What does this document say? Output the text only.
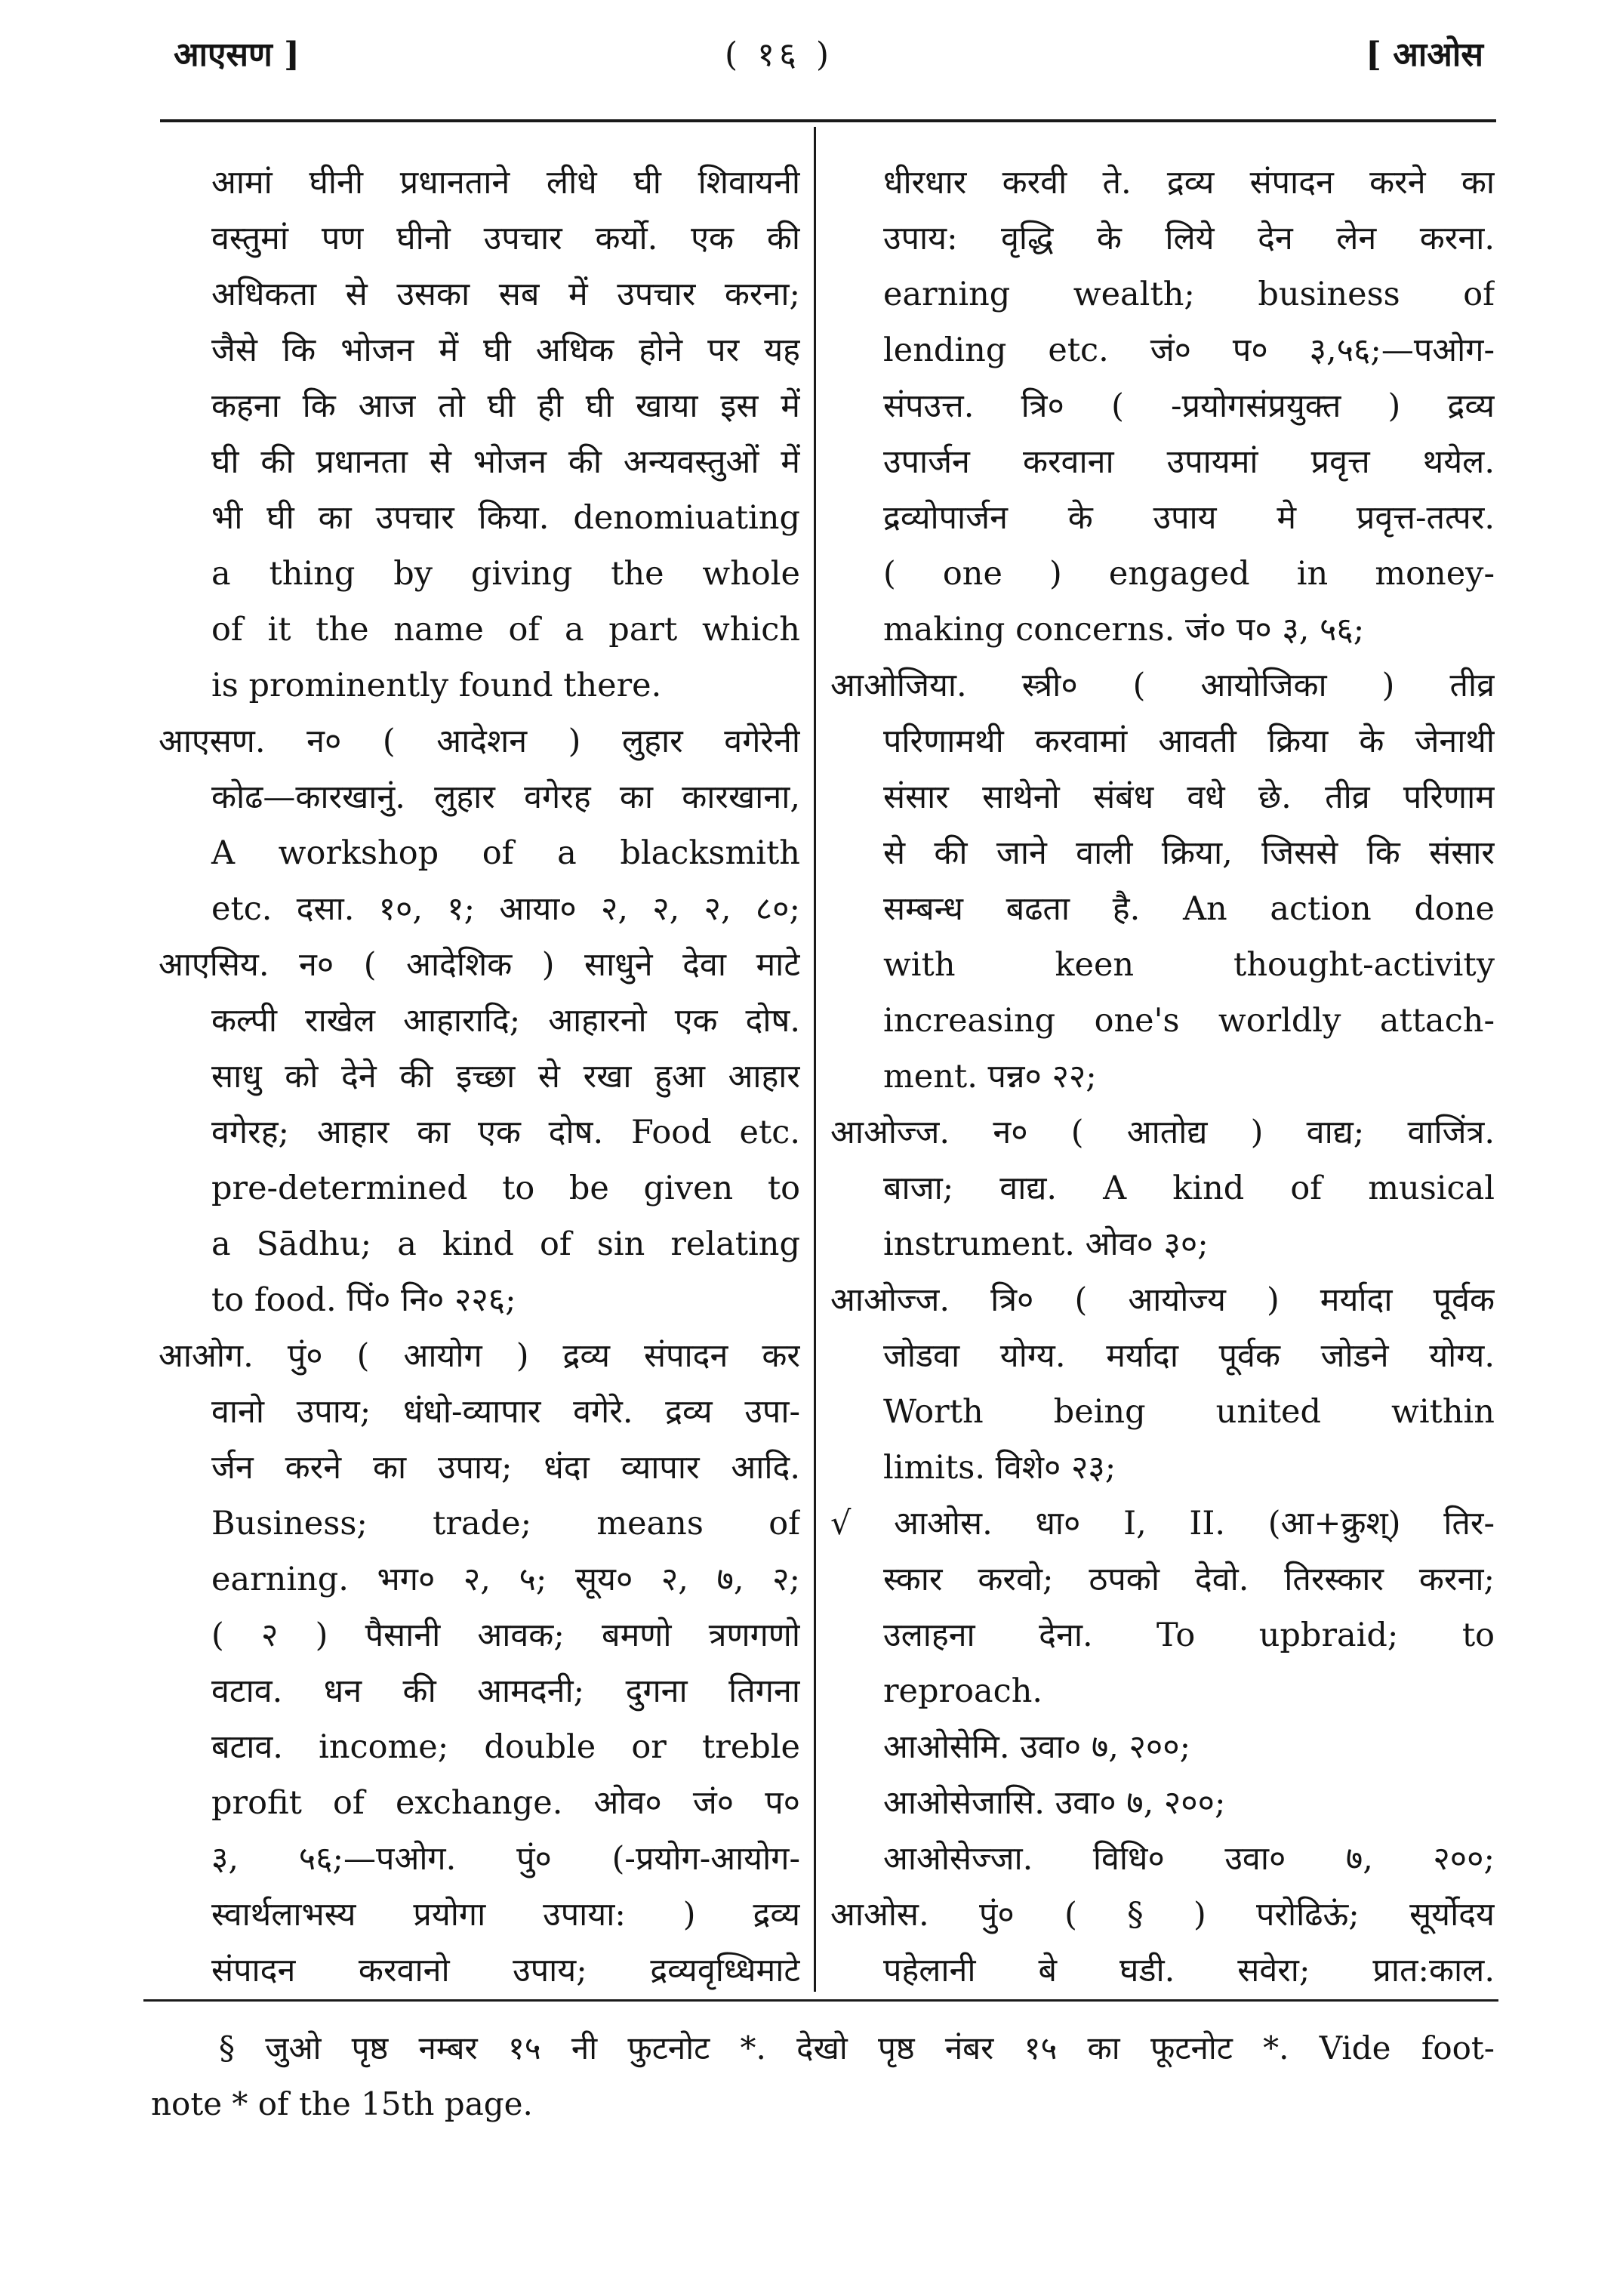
आएसण ]	( १६ )	[ आओस
आमां घीनी प्रधानताने लीधे घी शिवायनी
वस्तुमां पण घीनो उपचार कर्यो. एक की
अधिकता से उसका सब में उपचार करना;
जैसे कि भोजन में घी अधिक होने पर यह
कहना कि आज तो घी ही घी खाया इस में
घी की प्रधानता से भोजन की अन्यवस्तुओं में
भी घी का उपचार किया. denomiuating
a thing by giving the whole
of it the name of a part which
is prominently found there.
आएसण. न० ( आदेशन ) लुहार वगेरेनी
कोढ—कारखानुं. लुहार वगेरह का कारखाना,
A workshop of a blacksmith
etc. दसा. १०, १; आया० २, २, २, ८०;
आएसिय. न० ( आदेशिक ) साधुने देवा माटे
कल्पी राखेल आहारादि; आहारनो एक दोष.
साधु को देने की इच्छा से रखा हुआ आहार
वगेरह; आहार का एक दोष. Food etc.
pre-determined to be given to
a Sādhu; a kind of sin relating
to food. पिं० नि० २२६;
आओग. पुं० ( आयोग ) द्रव्य संपादन कर
वानो उपाय; धंधो-व्यापार वगेरे. द्रव्य उपा-
र्जन करने का उपाय; धंदा व्यापार आदि.
Business; trade; means of
earning. भग० २, ५; सूय० २, ७, २;
( २ ) पैसानी आवक; बमणो त्रणगणो
वटाव. धन की आमदनी; दुगना तिगना
बटाव. income; double or treble
profit of exchange. ओव० जं० प०
३, ५६;—पओग. पुं० (-प्रयोग-आयोग-
स्वार्थलाभस्य प्रयोगा उपाया: ) द्रव्य
संपादन करवानो उपाय; द्रव्यवृध्धिमाटे
धीरधार करवी ते. द्रव्य संपादन करने का
उपाय: वृद्धि के लिये देन लेन करना.
earning wealth; business of
lending etc. जं० प० ३,५६;—पओग-
संपउत्त. त्रि० ( -प्रयोगसंप्रयुक्त ) द्रव्य
उपार्जन करवाना उपायमां प्रवृत्त थयेल.
द्रव्योपार्जन के उपाय मे प्रवृत्त-तत्पर.
( one ) engaged in money-
making concerns. जं० प० ३, ५६;
आओजिया. स्त्री० ( आयोजिका ) तीव्र
परिणामथी करवामां आवती क्रिया के जेनाथी
संसार साथेनो संबंध वधे छे. तीव्र परिणाम
से की जाने वाली क्रिया, जिससे कि संसार
सम्बन्ध बढता है. An action done
with keen thought-activity
increasing one's worldly attach-
ment. पन्न० २२;
आओज्ज. न० ( आतोद्य ) वाद्य; वाजिंत्र.
बाजा; वाद्य. A kind of musical
instrument. ओव० ३०;
आओज्ज. त्रि० ( आयोज्य ) मर्यादा पूर्वक
जोडवा योग्य. मर्यादा पूर्वक जोडने योग्य.
Worth being united within
limits. विशे० २३;
√ आओस. धा० I, II. (आ+क्रुश्) तिर-
स्कार करवो; ठपको देवो. तिरस्कार करना;
उलाहना देना. To upbraid; to
reproach.
आओसेमि. उवा० ७, २००;
आओसेजासि. उवा० ७, २००;
आओसेज्जा. विधि० उवा० ७, २००;
आओस. पुं० ( § ) परोढिऊं; सूर्योदय
पहेलानी बे घडी. सवेरा; प्रात:काल.
§ जुओ पृष्ठ नम्बर १५ नी फुटनोट *. देखो पृष्ठ नंबर १५ का फूटनोट *. Vide foot-
note * of the 15th page.
